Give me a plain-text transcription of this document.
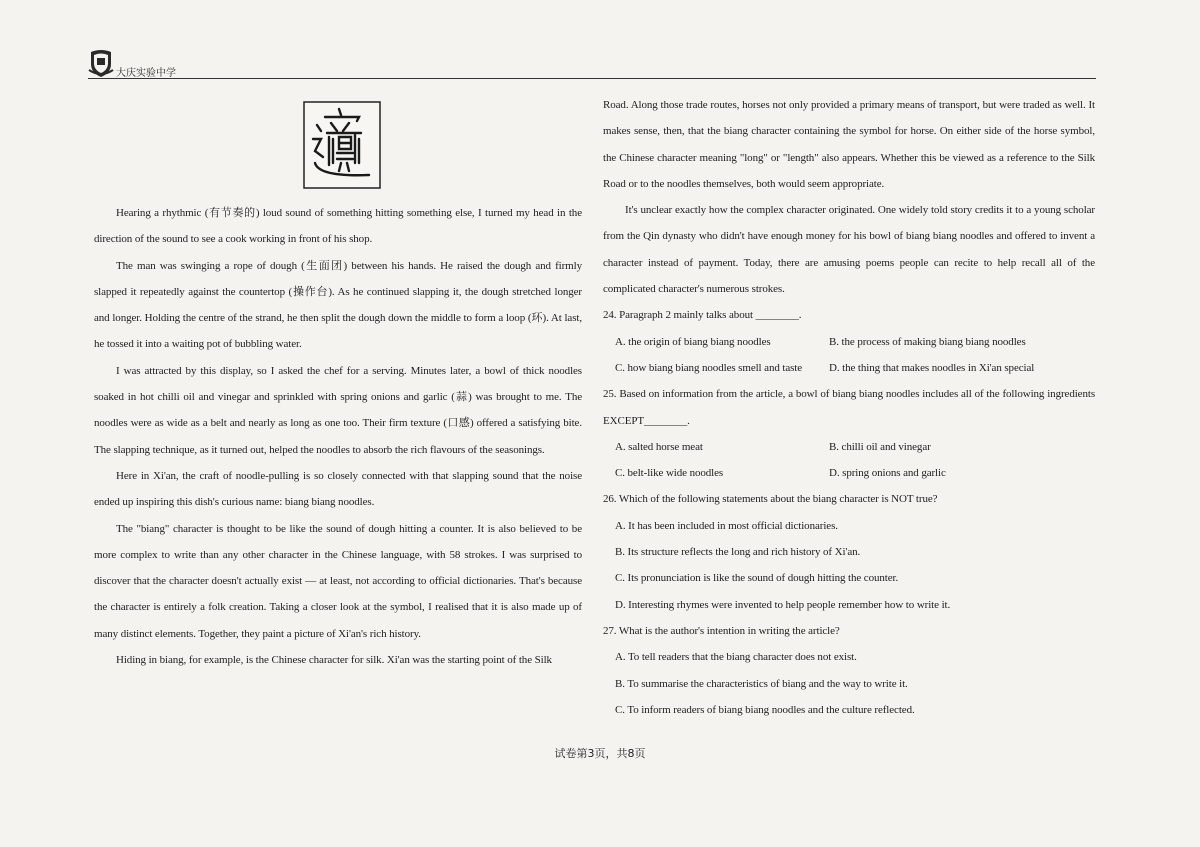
大庆实验中学

Hearing a rhythmic (有节奏的) loud sound of something hitting something else, I turned my head in the direction of the sound to see a cook working in front of his shop.

The man was swinging a rope of dough (生面团) between his hands. He raised the dough and firmly slapped it repeatedly against the countertop (操作台). As he continued slapping it, the dough stretched longer and longer. Holding the centre of the strand, he then split the dough down the middle to form a loop (环). At last, he tossed it into a waiting pot of bubbling water.

I was attracted by this display, so I asked the chef for a serving. Minutes later, a bowl of thick noodles soaked in hot chilli oil and vinegar and sprinkled with spring onions and garlic (蒜) was brought to me. The noodles were as wide as a belt and nearly as long as one too. Their firm texture (口感) offered a satisfying bite. The slapping technique, as it turned out, helped the noodles to absorb the rich flavours of the seasonings.

Here in Xi'an, the craft of noodle-pulling is so closely connected with that slapping sound that the noise ended up inspiring this dish's curious name: biang biang noodles.

The "biang" character is thought to be like the sound of dough hitting a counter. It is also believed to be more complex to write than any other character in the Chinese language, with 58 strokes. I was surprised to discover that the character doesn't actually exist — at least, not according to official dictionaries. That's because the character is entirely a folk creation. Taking a closer look at the symbol, I realised that it is also made up of many distinct elements. Together, they paint a picture of Xi'an's rich history.

Hiding in biang, for example, is the Chinese character for silk. Xi'an was the starting point of the Silk

Road. Along those trade routes, horses not only provided a primary means of transport, but were traded as well. It makes sense, then, that the biang character containing the symbol for horse. On either side of the horse symbol, the Chinese character meaning "long" or "length" also appears. Whether this be viewed as a reference to the Silk Road or to the noodles themselves, both would seem appropriate.

It's unclear exactly how the complex character originated. One widely told story credits it to a young scholar from the Qin dynasty who didn't have enough money for his bowl of biang biang noodles and offered to invent a character instead of payment. Today, there are amusing poems people can recite to help recall all of the complicated character's numerous strokes.

24. Paragraph 2 mainly talks about ________.

A. the origin of biang biang noodles	B. the process of making biang biang noodles
C. how biang biang noodles smell and taste	D. the thing that makes noodles in Xi'an special

25. Based on information from the article, a bowl of biang biang noodles includes all of the following ingredients EXCEPT________.

A. salted horse meat	B. chilli oil and vinegar
C. belt-like wide noodles	D. spring onions and garlic

26. Which of the following statements about the biang character is NOT true?

A. It has been included in most official dictionaries.

B. Its structure reflects the long and rich history of Xi'an.

C. Its pronunciation is like the sound of dough hitting the counter.

D. Interesting rhymes were invented to help people remember how to write it.

27. What is the author's intention in writing the article?

A. To tell readers that the biang character does not exist.

B. To summarise the characteristics of biang and the way to write it.

C. To inform readers of biang biang noodles and the culture reflected.

试卷第3页，共8页
